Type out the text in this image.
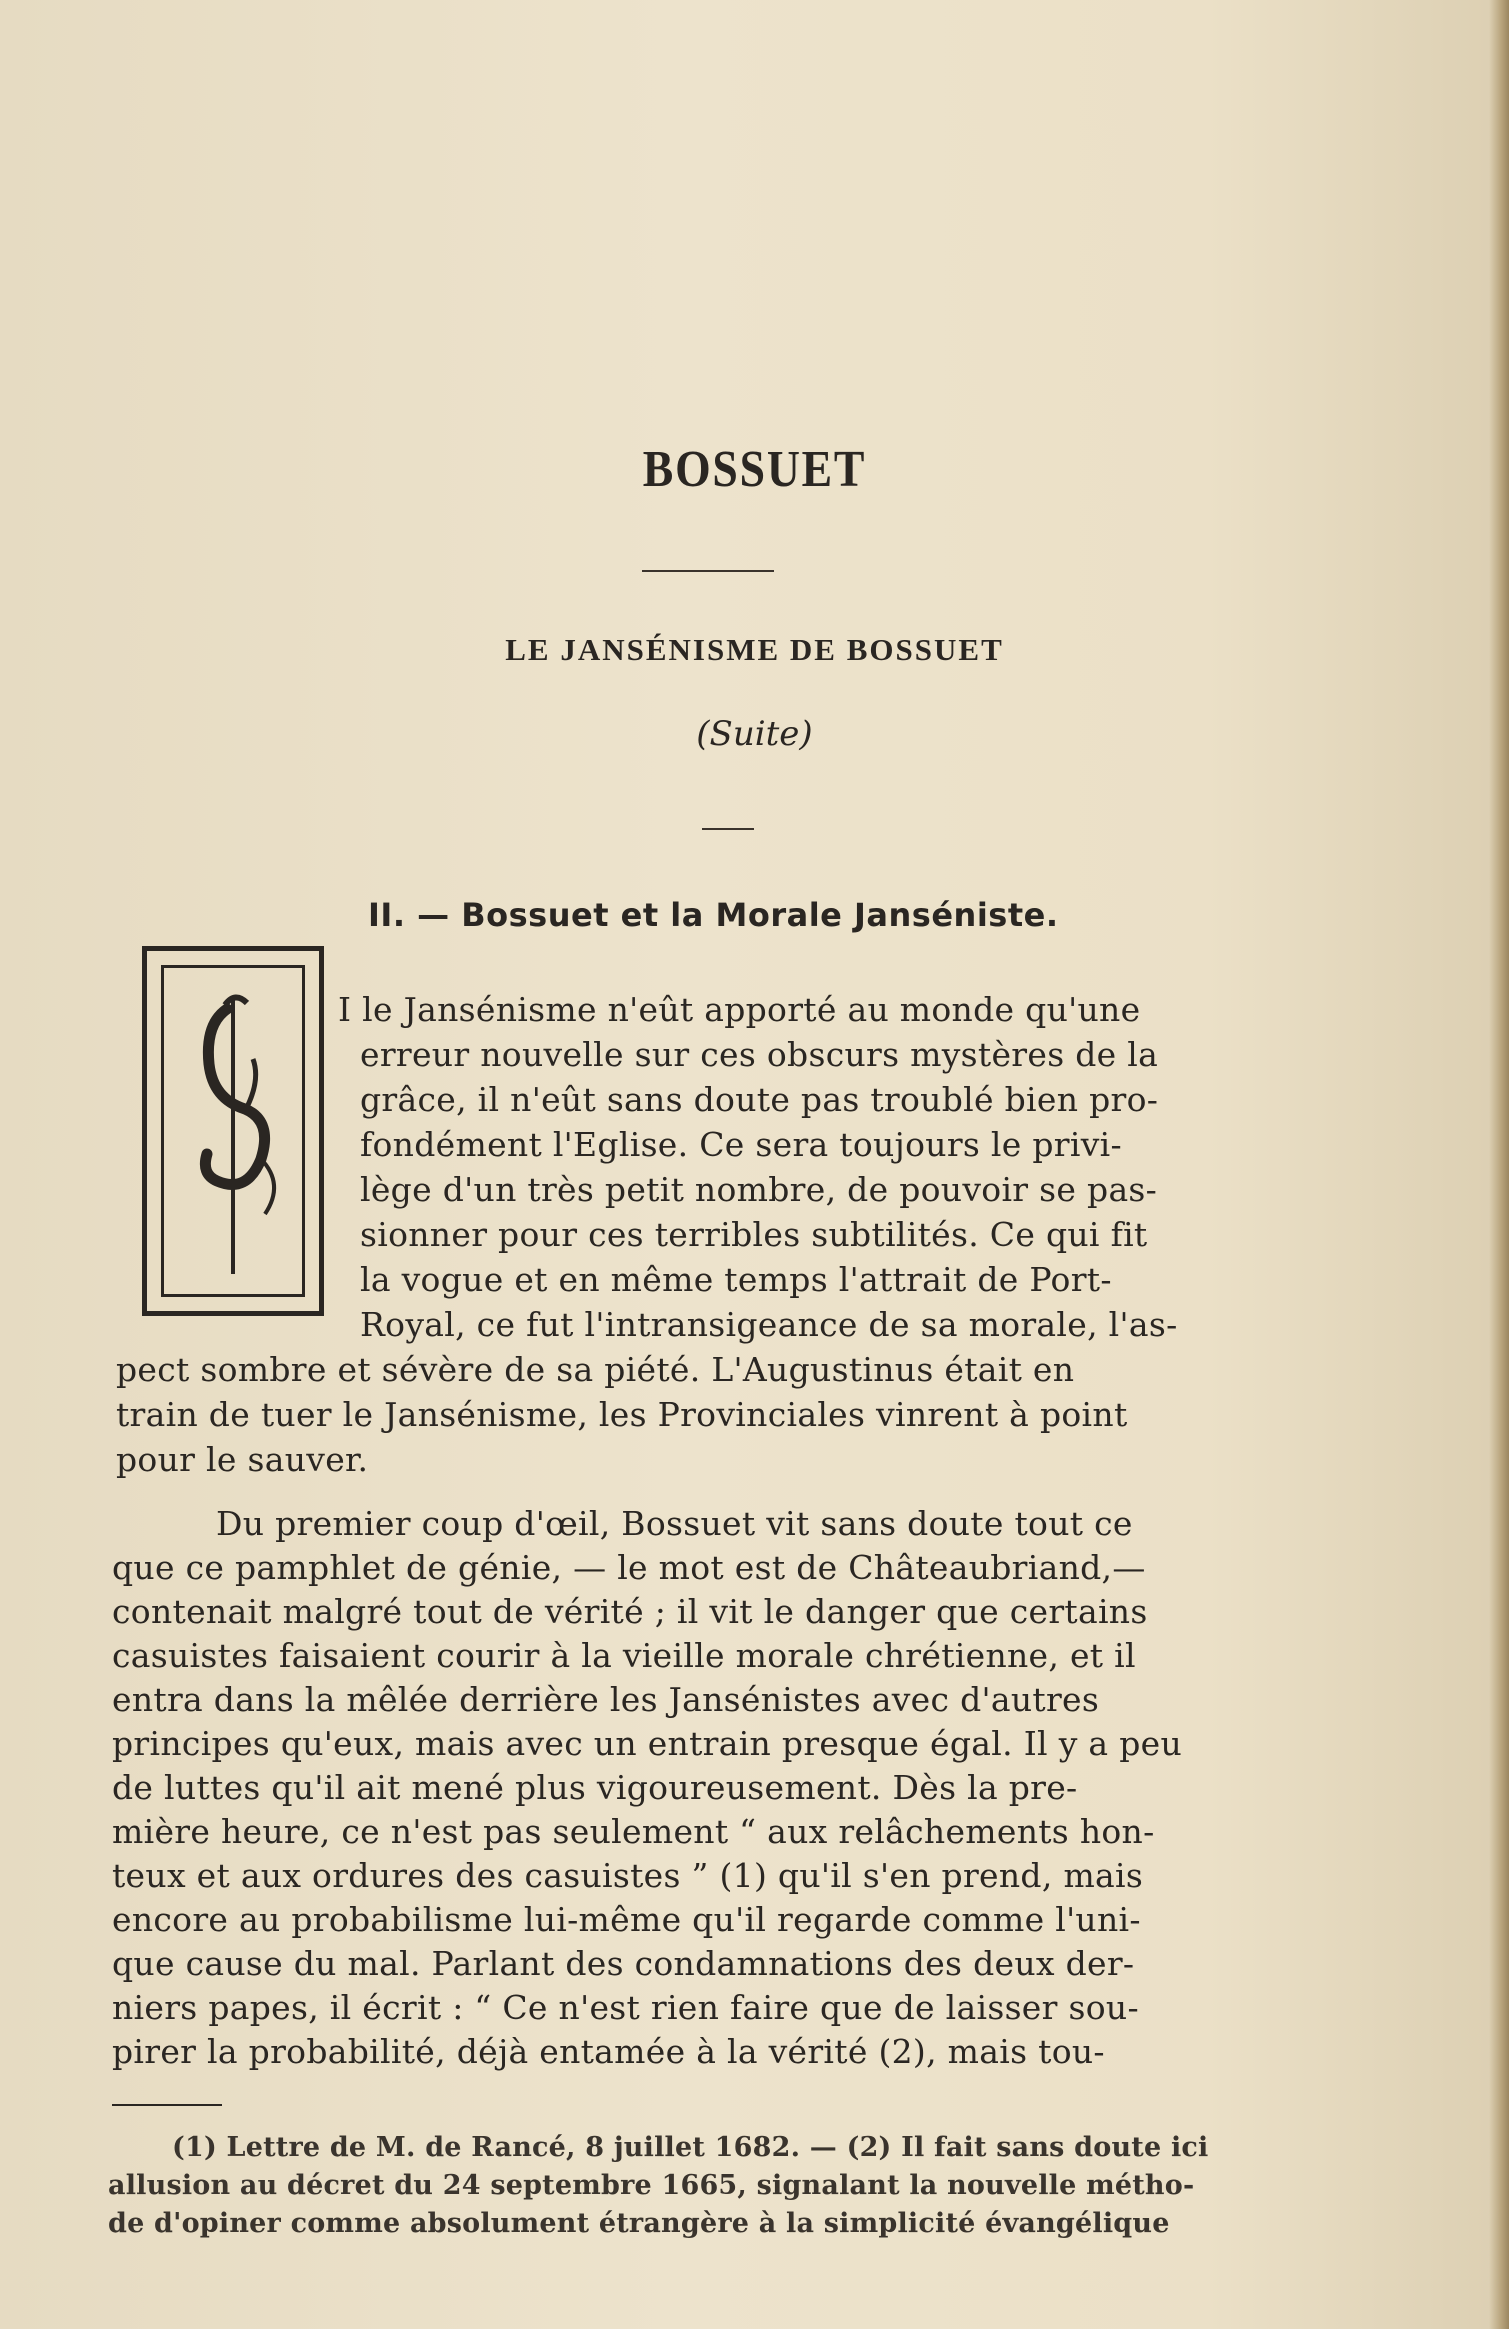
BOSSUET
LE JANSÉNISME DE BOSSUET
(Suite)
II. — Bossuet et la Morale Janséniste.
I le Jansénisme n'eût apporté au monde qu'une
erreur nouvelle sur ces obscurs mystères de la
grâce, il n'eût sans doute pas troublé bien pro-
fondément l'Eglise. Ce sera toujours le privi-
lège d'un très petit nombre, de pouvoir se pas-
sionner pour ces terribles subtilités. Ce qui fit
la vogue et en même temps l'attrait de Port-
Royal, ce fut l'intransigeance de sa morale, l'as-
pect sombre et sévère de sa piété. L'Augustinus était en
train de tuer le Jansénisme, les Provinciales vinrent à point
pour le sauver.
Du premier coup d'œil, Bossuet vit sans doute tout ce
que ce pamphlet de génie, — le mot est de Châteaubriand,—
contenait malgré tout de vérité ; il vit le danger que certains
casuistes faisaient courir à la vieille morale chrétienne, et il
entra dans la mêlée derrière les Jansénistes avec d'autres
principes qu'eux, mais avec un entrain presque égal. Il y a peu
de luttes qu'il ait mené plus vigoureusement. Dès la pre-
mière heure, ce n'est pas seulement “ aux relâchements hon-
teux et aux ordures des casuistes ” (1) qu'il s'en prend, mais
encore au probabilisme lui-même qu'il regarde comme l'uni-
que cause du mal. Parlant des condamnations des deux der-
niers papes, il écrit : “ Ce n'est rien faire que de laisser sou-
pirer la probabilité, déjà entamée à la vérité (2), mais tou-
(1) Lettre de M. de Rancé, 8 juillet 1682. — (2) Il fait sans doute ici
allusion au décret du 24 septembre 1665, signalant la nouvelle métho-
de d'opiner comme absolument étrangère à la simplicité évangélique
